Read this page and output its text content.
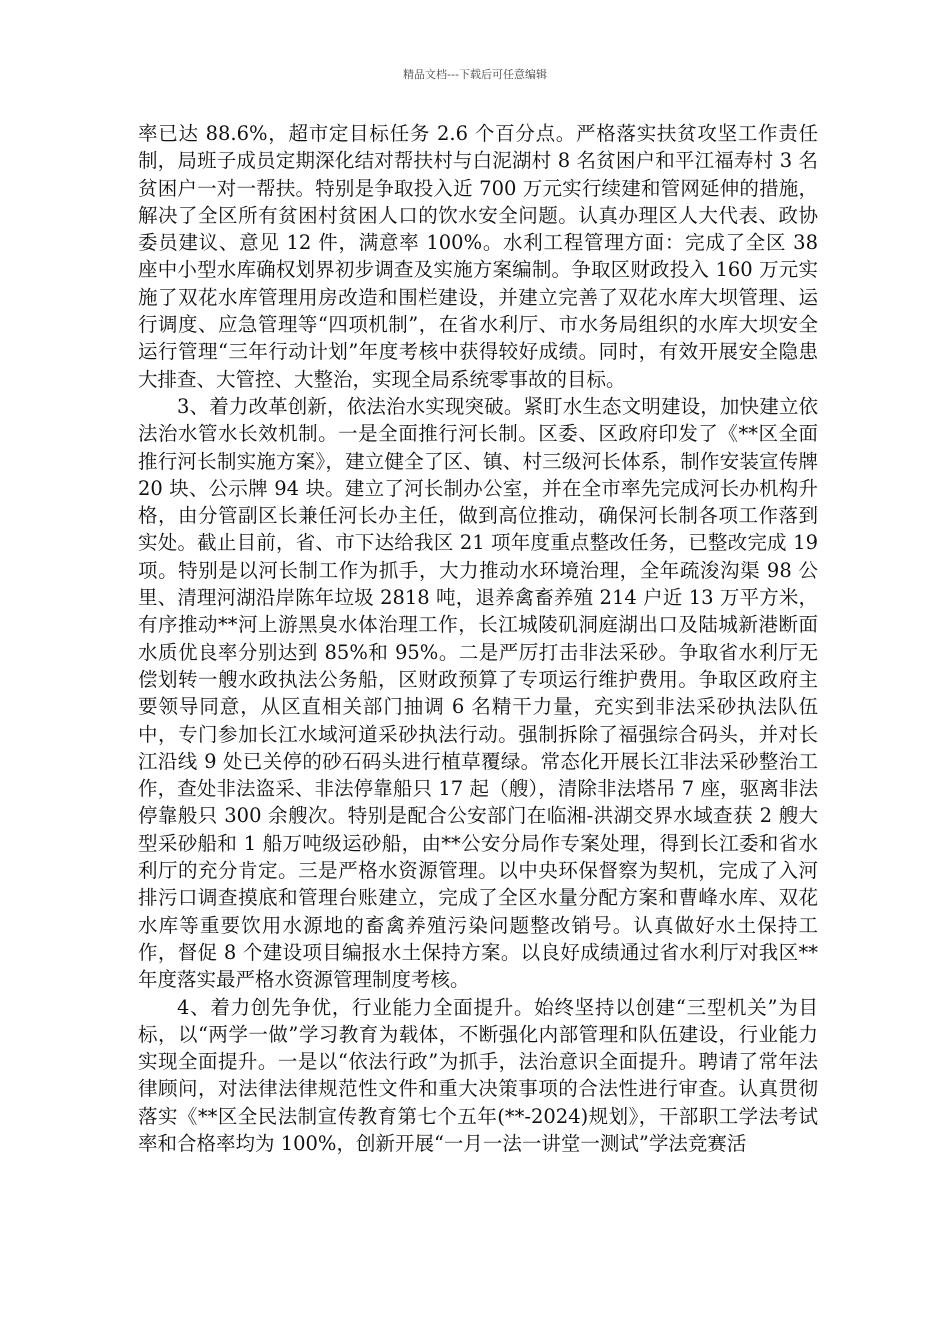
精品文档---下载后可任意编辑

率已达 88.6%，超市定目标任务 2.6 个百分点。严格落实扶贫攻坚工作责任制，局班子成员定期深化结对帮扶村与白泥湖村 8 名贫困户和平江福寿村 3 名贫困户一对一帮扶。特别是争取投入近 700 万元实行续建和管网延伸的措施，解决了全区所有贫困村贫困人口的饮水安全问题。认真办理区人大代表、政协委员建议、意见 12 件，满意率 100%。水利工程管理方面：完成了全区 38 座中小型水库确权划界初步调查及实施方案编制。争取区财政投入 160 万元实施了双花水库管理用房改造和围栏建设，并建立完善了双花水库大坝管理、运行调度、应急管理等“四项机制”，在省水利厅、市水务局组织的水库大坝安全运行管理“三年行动计划”年度考核中获得较好成绩。同时，有效开展安全隐患大排查、大管控、大整治，实现全局系统零事故的目标。

3、着力改革创新，依法治水实现突破。紧盯水生态文明建设，加快建立依法治水管水长效机制。一是全面推行河长制。区委、区政府印发了《**区全面推行河长制实施方案》，建立健全了区、镇、村三级河长体系，制作安装宣传牌 20 块、公示牌 94 块。建立了河长制办公室，并在全市率先完成河长办机构升格，由分管副区长兼任河长办主任，做到高位推动，确保河长制各项工作落到实处。截止目前，省、市下达给我区 21 项年度重点整改任务，已整改完成 19 项。特别是以河长制工作为抓手，大力推动水环境治理，全年疏浚沟渠 98 公里、清理河湖沿岸陈年垃圾 2818 吨，退养禽畜养殖 214 户近 13 万平方米，有序推动**河上游黑臭水体治理工作，长江城陵矶洞庭湖出口及陆城新港断面水质优良率分别达到 85%和 95%。二是严厉打击非法采砂。争取省水利厅无偿划转一艘水政执法公务船，区财政预算了专项运行维护费用。争取区政府主要领导同意，从区直相关部门抽调 6 名精干力量，充实到非法采砂执法队伍中，专门参加长江水域河道采砂执法行动。强制拆除了福强综合码头，并对长江沿线 9 处已关停的砂石码头进行植草覆绿。常态化开展长江非法采砂整治工作，查处非法盗采、非法停靠船只 17 起（艘），清除非法塔吊 7 座，驱离非法停靠般只 300 余艘次。特别是配合公安部门在临湘-洪湖交界水域查获 2 艘大型采砂船和 1 船万吨级运砂船，由**公安分局作专案处理，得到长江委和省水利厅的充分肯定。三是严格水资源管理。以中央环保督察为契机，完成了入河排污口调查摸底和管理台账建立，完成了全区水量分配方案和曹峰水库、双花水库等重要饮用水源地的畜禽养殖污染问题整改销号。认真做好水土保持工作，督促 8 个建设项目编报水土保持方案。以良好成绩通过省水利厅对我区**年度落实最严格水资源管理制度考核。

4、着力创先争优，行业能力全面提升。始终坚持以创建“三型机关”为目标，以“两学一做”学习教育为载体，不断强化内部管理和队伍建设，行业能力实现全面提升。一是以“依法行政”为抓手，法治意识全面提升。聘请了常年法律顾问，对法律法律规范性文件和重大决策事项的合法性进行审查。认真贯彻落实《**区全民法制宣传教育第七个五年(**-2024)规划》，干部职工学法考试率和合格率均为 100%，创新开展“一月一法一讲堂一测试”学法竞赛活
